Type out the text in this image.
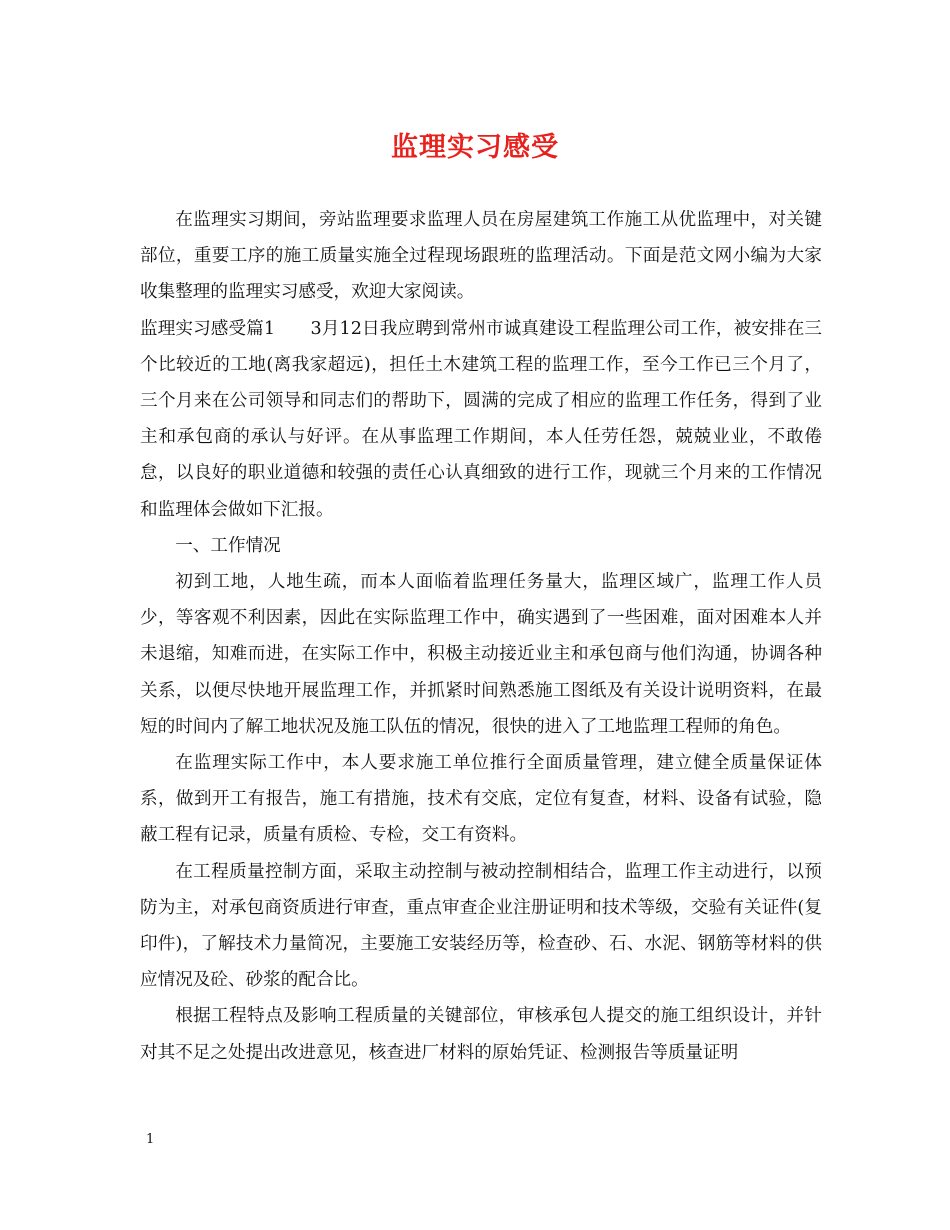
监理实习感受

在监理实习期间，旁站监理要求监理人员在房屋建筑工作施工从优监理中，对关键部位，重要工序的施工质量实施全过程现场跟班的监理活动。下面是范文网小编为大家收集整理的监理实习感受，欢迎大家阅读。

监理实习感受篇1　　3月12日我应聘到常州市诚真建设工程监理公司工作，被安排在三个比较近的工地(离我家超远)，担任土木建筑工程的监理工作，至今工作已三个月了，三个月来在公司领导和同志们的帮助下，圆满的完成了相应的监理工作任务，得到了业主和承包商的承认与好评。在从事监理工作期间，本人任劳任怨，兢兢业业，不敢倦怠，以良好的职业道德和较强的责任心认真细致的进行工作，现就三个月来的工作情况和监理体会做如下汇报。

一、工作情况

初到工地，人地生疏，而本人面临着监理任务量大，监理区域广，监理工作人员少，等客观不利因素，因此在实际监理工作中，确实遇到了一些困难，面对困难本人并未退缩，知难而进，在实际工作中，积极主动接近业主和承包商与他们沟通，协调各种关系，以便尽快地开展监理工作，并抓紧时间熟悉施工图纸及有关设计说明资料，在最短的时间内了解工地状况及施工队伍的情况，很快的进入了工地监理工程师的角色。

在监理实际工作中，本人要求施工单位推行全面质量管理，建立健全质量保证体系，做到开工有报告，施工有措施，技术有交底，定位有复查，材料、设备有试验，隐蔽工程有记录，质量有质检、专检，交工有资料。

在工程质量控制方面，采取主动控制与被动控制相结合，监理工作主动进行，以预防为主，对承包商资质进行审查，重点审查企业注册证明和技术等级，交验有关证件(复印件)，了解技术力量简况，主要施工安装经历等，检查砂、石、水泥、钢筋等材料的供应情况及砼、砂浆的配合比。

根据工程特点及影响工程质量的关键部位，审核承包人提交的施工组织设计，并针对其不足之处提出改进意见，核查进厂材料的原始凭证、检测报告等质量证明

1
